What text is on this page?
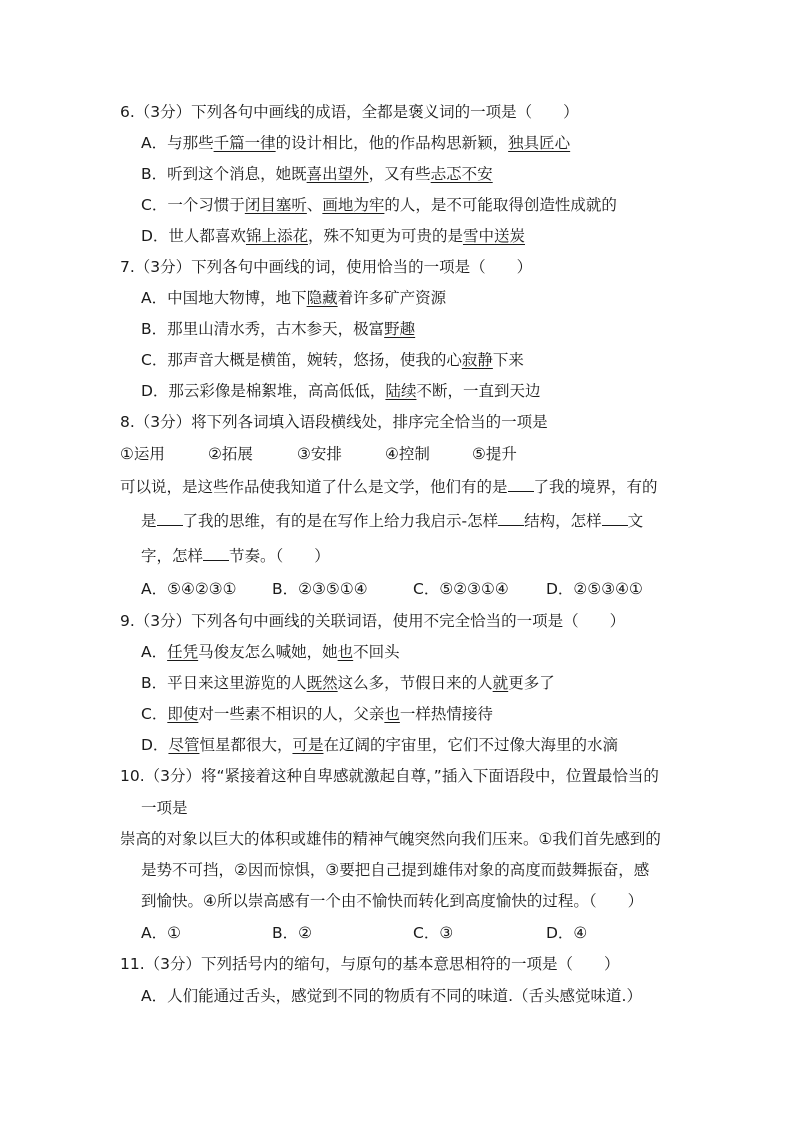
6.（3分）下列各句中画线的成语，全都是褒义词的一项是（　　）
A．与那些千篇一律的设计相比，他的作品构思新颖，独具匠心
B．听到这个消息，她既喜出望外，又有些忐忑不安
C．一个习惯于闭目塞听、画地为牢的人，是不可能取得创造性成就的
D．世人都喜欢锦上添花，殊不知更为可贵的是雪中送炭
7.（3分）下列各句中画线的词，使用恰当的一项是（　　）
A．中国地大物博，地下隐藏着许多矿产资源
B．那里山清水秀，古木参天，极富野趣
C．那声音大概是横笛，婉转，悠扬，使我的心寂静下来
D．那云彩像是棉絮堆，高高低低，陆续不断，一直到天边
8.（3分）将下列各词填入语段横线处，排序完全恰当的一项是
①运用	②拓展	③安排	④控制	⑤提升
可以说，是这些作品使我知道了什么是文学，他们有的是 了我的境界，有的
是 了我的思维，有的是在写作上给力我启示-怎样 结构，怎样 文
字，怎样 节奏。（　　）
A．⑤④②③① B．②③⑤①④	C．⑤②③①④ D．②⑤③④①
9.（3分）下列各句中画线的关联词语，使用不完全恰当的一项是（　　）
A．任凭马俊友怎么喊她，她也不回头
B．平日来这里游览的人既然这么多，节假日来的人就更多了
C．即使对一些素不相识的人，父亲也一样热情接待
D．尽管恒星都很大，可是在辽阔的宇宙里，它们不过像大海里的水滴
10.（3分）将“紧接着这种自卑感就激起自尊，”插入下面语段中，位置最恰当的
一项是
崇高的对象以巨大的体积或雄伟的精神气魄突然向我们压来。①我们首先感到的
是势不可挡，②因而惊惧，③要把自己提到雄伟对象的高度而鼓舞振奋，感
到愉快。④所以崇高感有一个由不愉快而转化到高度愉快的过程。（　　）
A．①	B．②	C．③	D．④
11.（3分）下列括号内的缩句，与原句的基本意思相符的一项是（　　）
A．人们能通过舌头，感觉到不同的物质有不同的味道.（舌头感觉味道.）
